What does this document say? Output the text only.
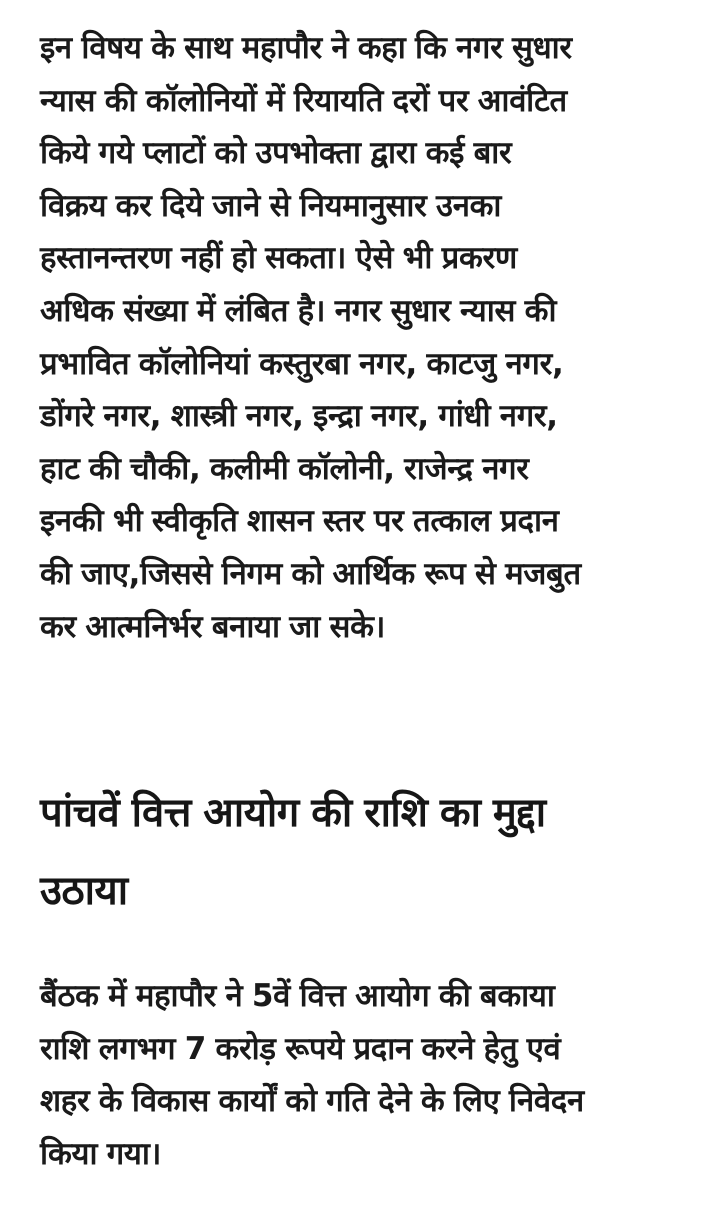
इन विषय के साथ महापौर ने कहा कि नगर सुधार
न्यास की कॉलोनियों में रियायति दरों पर आवंटित
किये गये प्लाटों को उपभोक्ता द्वारा कई बार
विक्रय कर दिये जाने से नियमानुसार उनका
हस्तानन्तरण नहीं हो सकता। ऐसे भी प्रकरण
अधिक संख्या में लंबित है। नगर सुधार न्यास की
प्रभावित कॉलोनियां कस्तुरबा नगर, काटजु नगर,
डोंगरे नगर, शास्त्री नगर, इन्द्रा नगर, गांधी नगर,
हाट की चौकी, कलीमी कॉलोनी, राजेन्द्र नगर
इनकी भी स्वीकृति शासन स्तर पर तत्काल प्रदान
की जाए,जिससे निगम को आर्थिक रूप से मजबुत
कर आत्मनिर्भर बनाया जा सके।

पांचवें वित्त आयोग की राशि का मुद्दा
उठाया

बैंठक में महापौर ने 5वें वित्त आयोग की बकाया
राशि लगभग 7 करोड़ रूपये प्रदान करने हेतु एवं
शहर के विकास कार्यों को गति देने के लिए निवेदन
किया गया।
